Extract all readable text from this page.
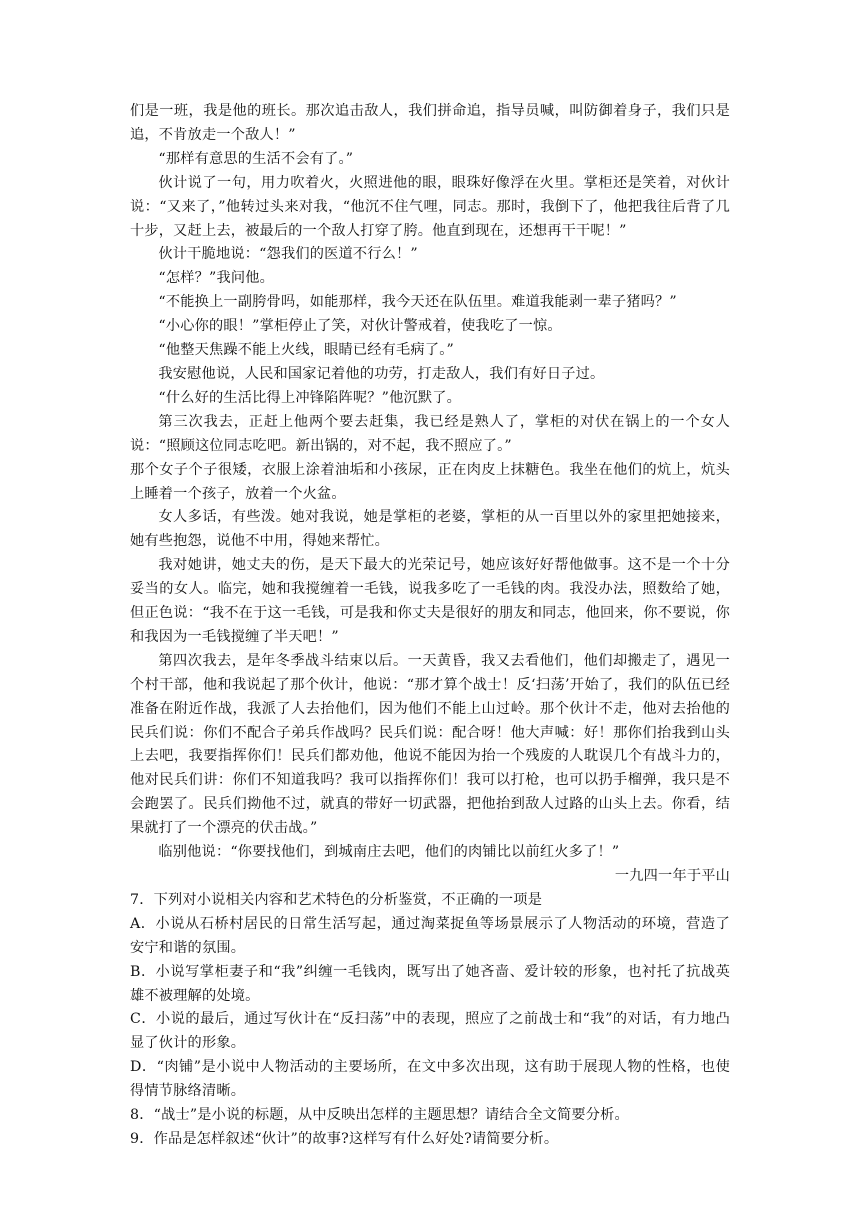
们是一班，我是他的班长。那次追击敌人，我们拼命追，指导员喊，叫防御着身子，我们只是追，不肯放走一个敌人！”

“那样有意思的生活不会有了。”

伙计说了一句，用力吹着火，火照进他的眼，眼珠好像浮在火里。掌柜还是笑着，对伙计说：“又来了，”他转过头来对我，“他沉不住气哩，同志。那时，我倒下了，他把我往后背了几十步，又赶上去，被最后的一个敌人打穿了胯。他直到现在，还想再干干呢！”

伙计干脆地说：“怨我们的医道不行么！”

“怎样？”我问他。

“不能换上一副胯骨吗，如能那样，我今天还在队伍里。难道我能剥一辈子猪吗？”

“小心你的眼！”掌柜停止了笑，对伙计警戒着，使我吃了一惊。

“他整天焦躁不能上火线，眼睛已经有毛病了。”

我安慰他说，人民和国家记着他的功劳，打走敌人，我们有好日子过。

“什么好的生活比得上冲锋陷阵呢？”他沉默了。

第三次我去，正赶上他两个要去赶集，我已经是熟人了，掌柜的对伏在锅上的一个女人说：“照顾这位同志吃吧。新出锅的，对不起，我不照应了。”

那个女子个子很矮，衣服上涂着油垢和小孩尿，正在肉皮上抹糖色。我坐在他们的炕上，炕头上睡着一个孩子，放着一个火盆。

女人多话，有些泼。她对我说，她是掌柜的老婆，掌柜的从一百里以外的家里把她接来，她有些抱怨，说他不中用，得她来帮忙。

我对她讲，她丈夫的伤，是天下最大的光荣记号，她应该好好帮他做事。这不是一个十分妥当的女人。临完，她和我搅缠着一毛钱，说我多吃了一毛钱的肉。我没办法，照数给了她，但正色说：“我不在于这一毛钱，可是我和你丈夫是很好的朋友和同志，他回来，你不要说，你和我因为一毛钱搅缠了半天吧！”

第四次我去，是年冬季战斗结束以后。一天黄昏，我又去看他们，他们却搬走了，遇见一个村干部，他和我说起了那个伙计，他说：“那才算个战士！反‘扫荡’开始了，我们的队伍已经准备在附近作战，我派了人去抬他们，因为他们不能上山过岭。那个伙计不走，他对去抬他的民兵们说：你们不配合子弟兵作战吗？民兵们说：配合呀！他大声喊：好！那你们抬我到山头上去吧，我要指挥你们！民兵们都劝他，他说不能因为抬一个残废的人耽误几个有战斗力的，他对民兵们讲：你们不知道我吗？我可以指挥你们！我可以打枪，也可以扔手榴弹，我只是不会跑罢了。民兵们拗他不过，就真的带好一切武器，把他抬到敌人过路的山头上去。你看，结果就打了一个漂亮的伏击战。”

临别他说：“你要找他们，到城南庄去吧，他们的肉铺比以前红火多了！”

一九四一年于平山

7．下列对小说相关内容和艺术特色的分析鉴赏，不正确的一项是

A．小说从石桥村居民的日常生活写起，通过淘菜捉鱼等场景展示了人物活动的环境，营造了安宁和谐的氛围。

B．小说写掌柜妻子和“我”纠缠一毛钱肉，既写出了她吝啬、爱计较的形象，也衬托了抗战英雄不被理解的处境。

C．小说的最后，通过写伙计在“反扫荡”中的表现，照应了之前战士和“我”的对话，有力地凸显了伙计的形象。

D．“肉铺”是小说中人物活动的主要场所，在文中多次出现，这有助于展现人物的性格，也使得情节脉络清晰。

8．“战士”是小说的标题，从中反映出怎样的主题思想？请结合全文简要分析。

9．作品是怎样叙述“伙计”的故事?这样写有什么好处?请简要分析。
